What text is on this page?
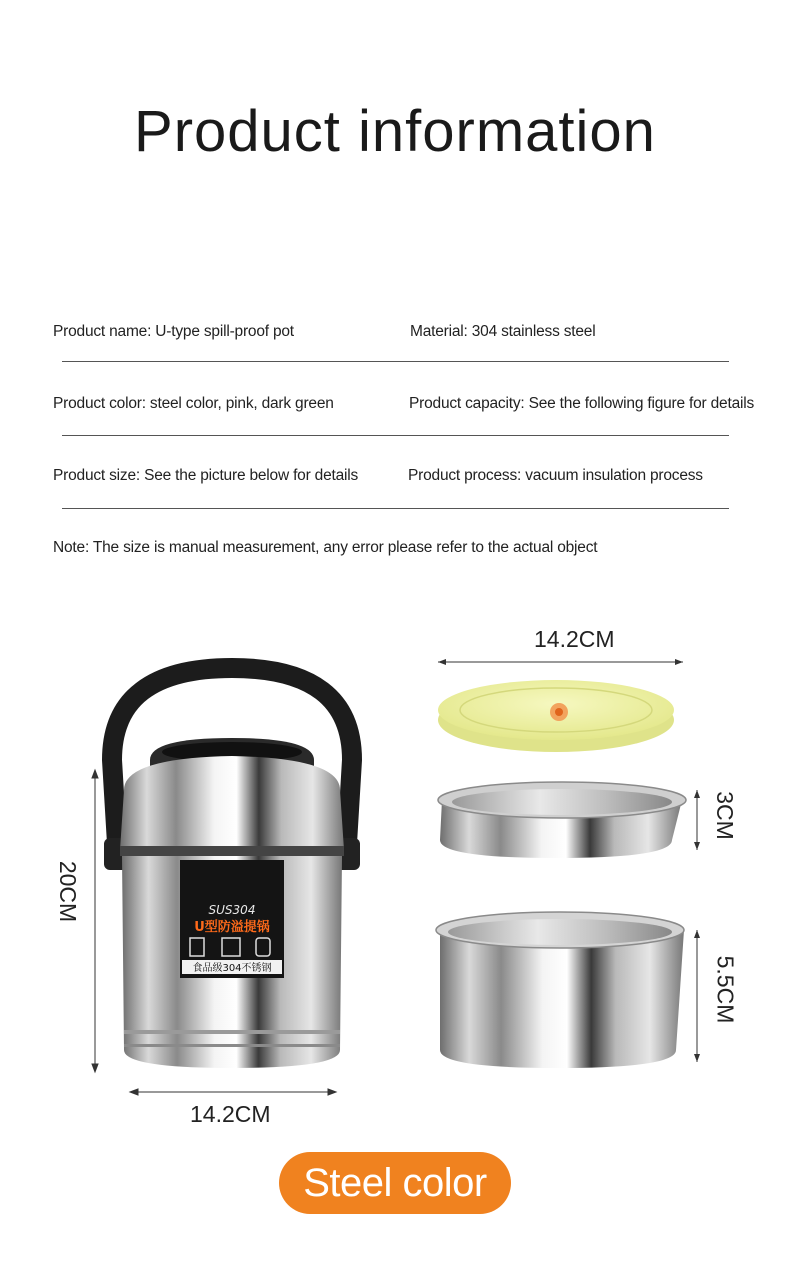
Product information
Product name: U-type spill-proof pot	Material: 304 stainless steel
Product color: steel color, pink, dark green	Product capacity: See the following figure for details
Product size: See the picture below for details	Product process: vacuum insulation process
Note: The size is manual measurement, any error please refer to the actual object
SUS304
U型防溢提锅
食品级304不锈钢
14.2CM
14.2CM
20CM
3CM
5.5CM
Steel color
